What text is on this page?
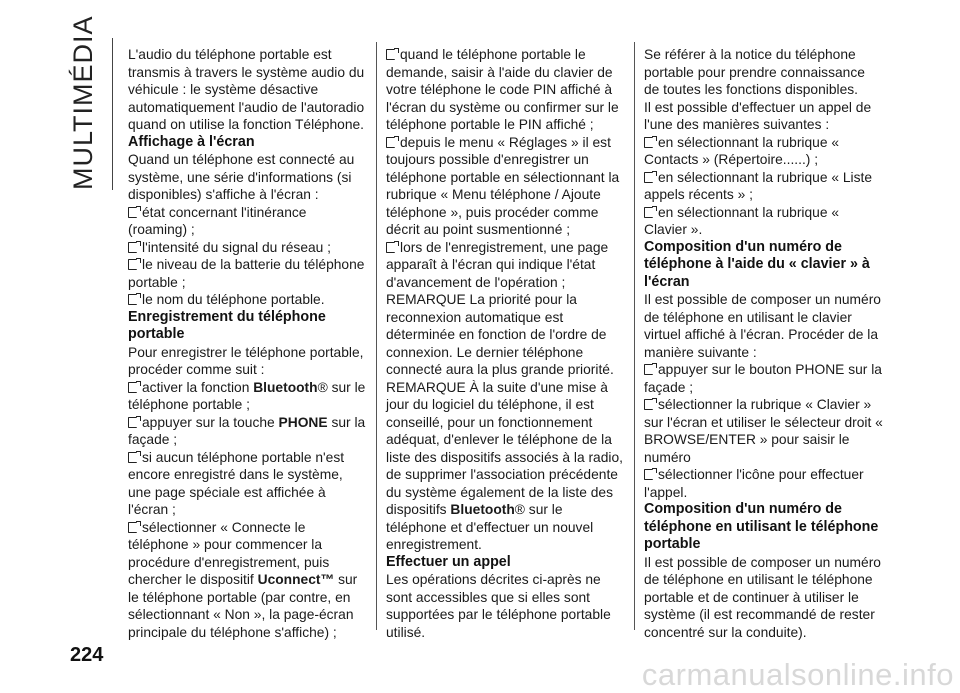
MULTIMÉDIA L'audio du téléphone portable est transmis à travers le système audio du véhicule : le système désactive automatiquement l'audio de l'autoradio quand on utilise la fonction Téléphone.

Affichage à l'écran

Quand un téléphone est connecté au système, une série d'informations (si disponibles) s'affiche à l'écran :

état concernant l'itinérance (roaming) ;

l'intensité du signal du réseau ;

le niveau de la batterie du téléphone portable ;

le nom du téléphone portable.

Enregistrement du téléphone portable

Pour enregistrer le téléphone portable, procéder comme suit :

activer la fonction Bluetooth® sur le téléphone portable ;

appuyer sur la touche PHONE sur la façade ;

si aucun téléphone portable n'est encore enregistré dans le système, une page spéciale est affichée à l'écran ;

sélectionner « Connecte le téléphone » pour commencer la procédure d'enregistrement, puis chercher le dispositif Uconnect™ sur le téléphone portable (par contre, en sélectionnant « Non », la page-écran principale du téléphone s'affiche) ;

quand le téléphone portable le demande, saisir à l'aide du clavier de votre téléphone le code PIN affiché à l'écran du système ou confirmer sur le téléphone portable le PIN affiché ;

depuis le menu « Réglages » il est toujours possible d'enregistrer un téléphone portable en sélectionnant la rubrique « Menu téléphone / Ajoute téléphone », puis procéder comme décrit au point susmentionné ;

lors de l'enregistrement, une page apparaît à l'écran qui indique l'état d'avancement de l'opération ;

REMARQUE La priorité pour la reconnexion automatique est déterminée en fonction de l'ordre de connexion. Le dernier téléphone connecté aura la plus grande priorité.

REMARQUE À la suite d'une mise à jour du logiciel du téléphone, il est conseillé, pour un fonctionnement adéquat, d'enlever le téléphone de la liste des dispositifs associés à la radio, de supprimer l'association précédente du système également de la liste des dispositifs Bluetooth® sur le téléphone et d'effectuer un nouvel enregistrement.

Effectuer un appel

Les opérations décrites ci-après ne sont accessibles que si elles sont supportées par le téléphone portable utilisé.

Se référer à la notice du téléphone portable pour prendre connaissance de toutes les fonctions disponibles.

Il est possible d'effectuer un appel de l'une des manières suivantes :

en sélectionnant la rubrique « Contacts » (Répertoire......) ;

en sélectionnant la rubrique « Liste appels récents » ;

en sélectionnant la rubrique « Clavier ».

Composition d'un numéro de téléphone à l'aide du « clavier » à l'écran

Il est possible de composer un numéro de téléphone en utilisant le clavier virtuel affiché à l'écran. Procéder de la manière suivante :

appuyer sur le bouton PHONE sur la façade ;

sélectionner la rubrique « Clavier » sur l'écran et utiliser le sélecteur droit « BROWSE/ENTER » pour saisir le numéro

sélectionner l'icône pour effectuer l'appel.

Composition d'un numéro de téléphone en utilisant le téléphone portable

Il est possible de composer un numéro de téléphone en utilisant le téléphone portable et de continuer à utiliser le système (il est recommandé de rester concentré sur la conduite).

224
carmanualsonline.info
